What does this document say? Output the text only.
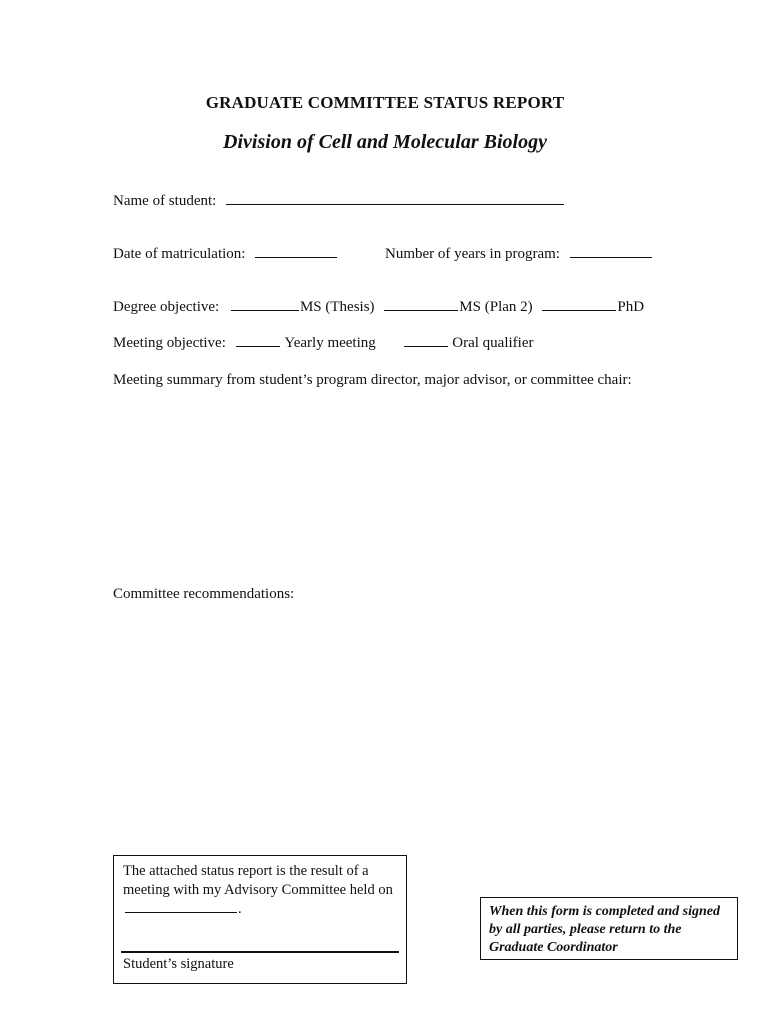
GRADUATE COMMITTEE STATUS REPORT
Division of Cell and Molecular Biology
Name of student:
Date of matriculation:	Number of years in program:
Degree objective:	MS (Thesis)	MS (Plan 2)	PhD
Meeting objective:	Yearly meeting	Oral qualifier
Meeting summary from student’s program director, major advisor, or committee chair:
Committee recommendations:
The attached status report is the result of a meeting with my Advisory Committee held on .
Student’s signature
When this form is completed and signed by all parties, please return to the Graduate Coordinator
